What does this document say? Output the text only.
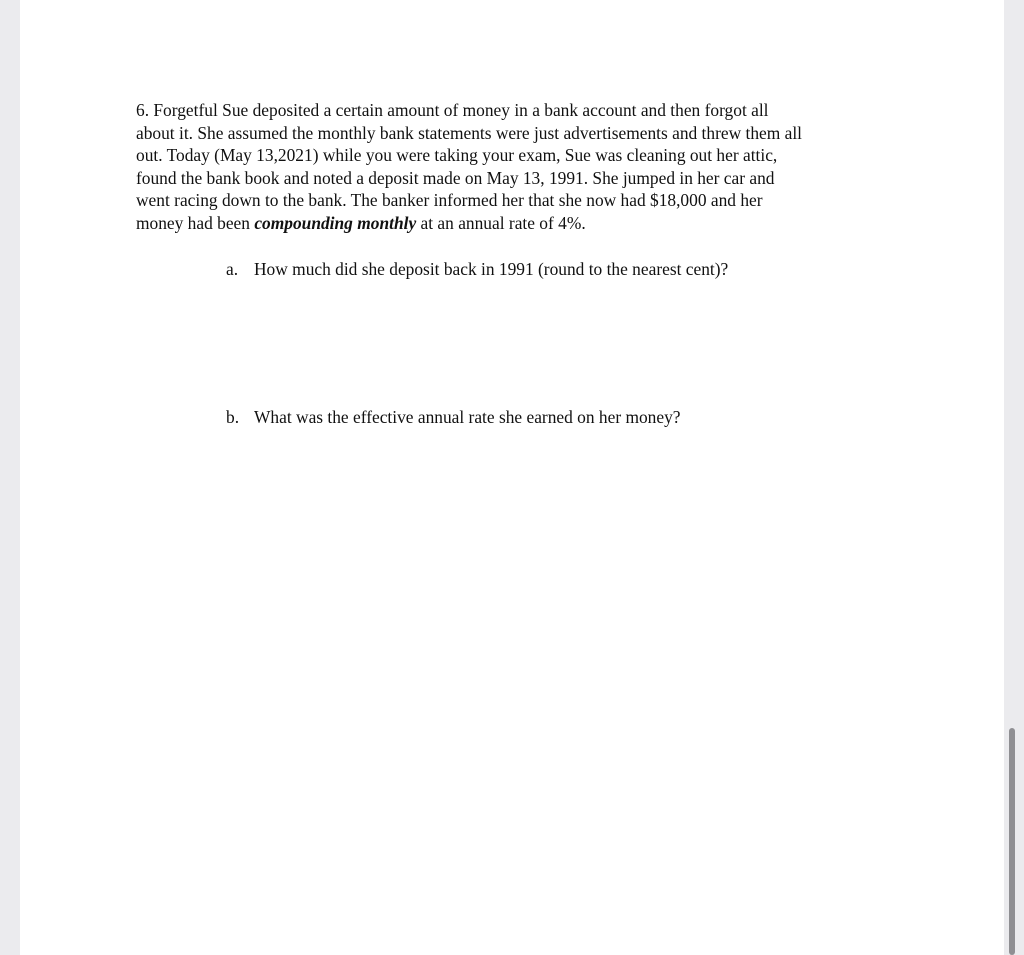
6. Forgetful Sue deposited a certain amount of money in a bank account and then forgot all

about it. She assumed the monthly bank statements were just advertisements and threw them all

out. Today (May 13,2021) while you were taking your exam, Sue was cleaning out her attic,

found the bank book and noted a deposit made on May 13, 1991. She jumped in her car and

went racing down to the bank. The banker informed her that she now had $18,000 and her

money had been compounding monthly at an annual rate of 4%.

a. How much did she deposit back in 1991 (round to the nearest cent)?
b. What was the effective annual rate she earned on her money?
